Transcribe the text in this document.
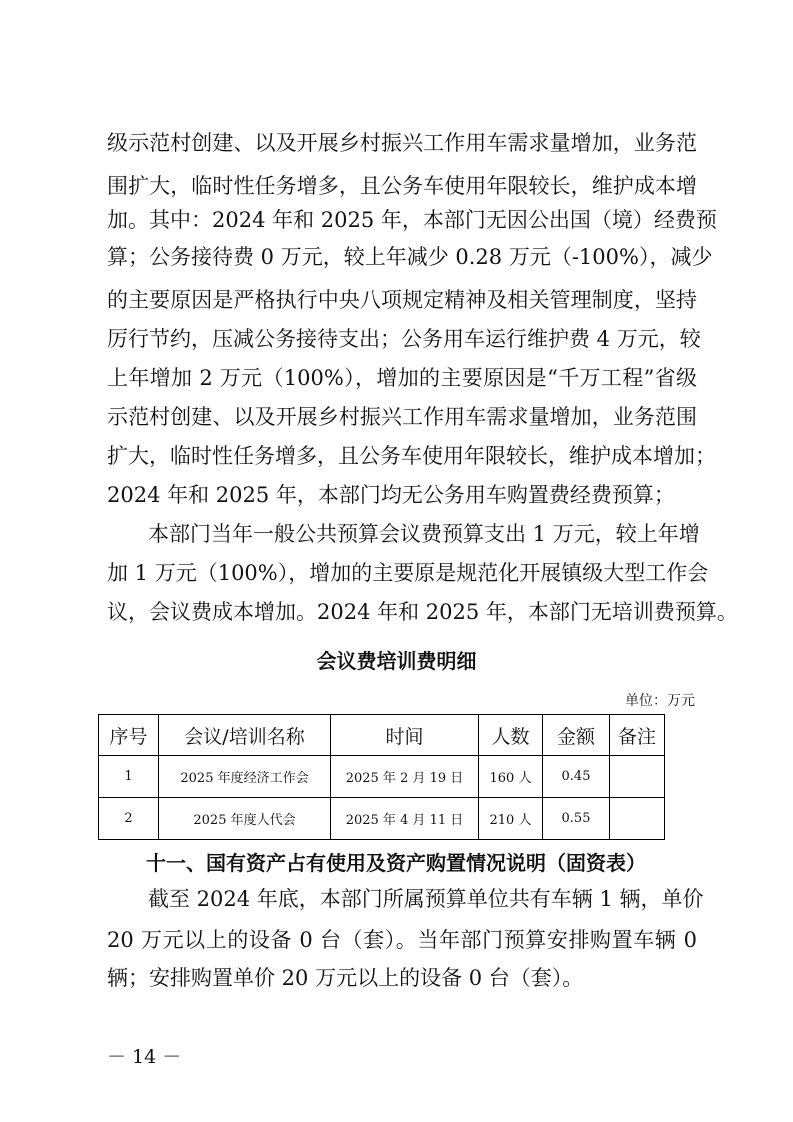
级示范村创建、以及开展乡村振兴工作用车需求量增加，业务范
围扩大，临时性任务增多，且公务车使用年限较长，维护成本增
加。其中：2024 年和 2025 年，本部门无因公出国（境）经费预
算；公务接待费 0 万元，较上年减少 0.28 万元（-100%），减少
的主要原因是严格执行中央八项规定精神及相关管理制度，坚持
厉行节约，压减公务接待支出；公务用车运行维护费 4 万元，较
上年增加 2 万元（100%），增加的主要原因是“千万工程”省级
示范村创建、以及开展乡村振兴工作用车需求量增加，业务范围
扩大，临时性任务增多，且公务车使用年限较长，维护成本增加；
2024 年和 2025 年，本部门均无公务用车购置费经费预算；
本部门当年一般公共预算会议费预算支出 1 万元，较上年增
加 1 万元（100%），增加的主要原是规范化开展镇级大型工作会
议，会议费成本增加。2024 年和 2025 年，本部门无培训费预算。
会议费培训费明细
单位：万元
序号	会议/培训名称	时间	人数	金额	备注
1	2025 年度经济工作会	2025 年 2 月 19 日	160 人	0.45	
2	2025 年度人代会	2025 年 4 月 11 日	210 人	0.55	
十一、国有资产占有使用及资产购置情况说明（固资表）
截至 2024 年底，本部门所属预算单位共有车辆 1 辆，单价
20 万元以上的设备 0 台（套）。当年部门预算安排购置车辆 0
辆；安排购置单价 20 万元以上的设备 0 台（套）。
－ 14 －
